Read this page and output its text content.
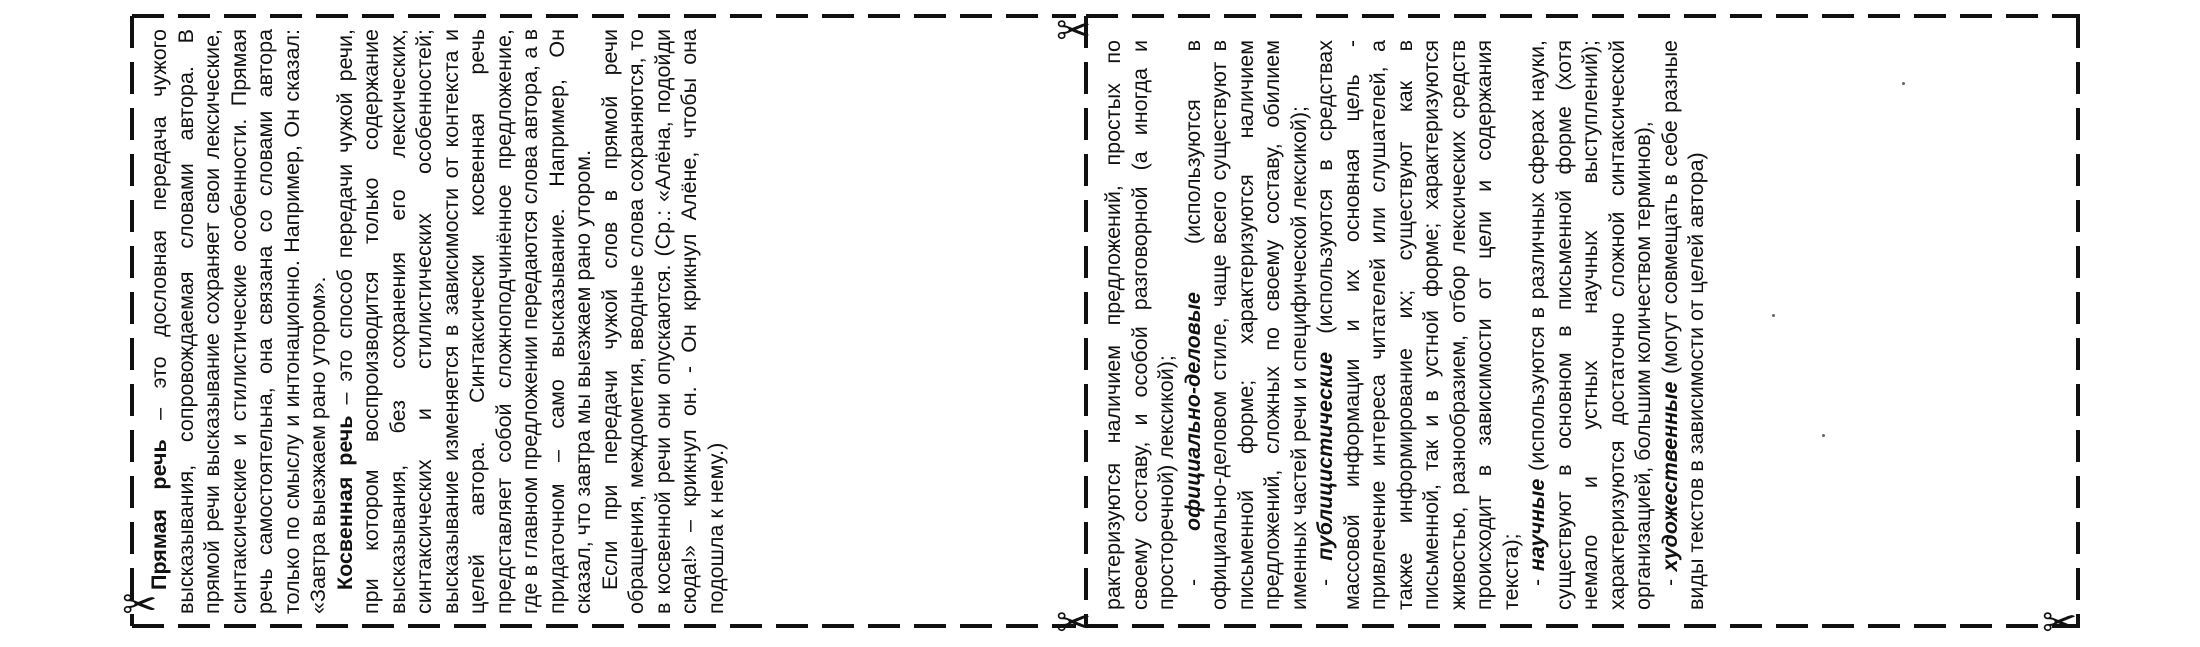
✂

Прямая речь – это дословная передача чужого высказывания, сопровождаемая словами автора. В прямой речи высказывание сохраняет свои лексические, синтаксические и стилистические особенности. Прямая речь самостоятельна, она связана со словами автора только по смыслу и интонационно. Например, Он сказал: «Завтра выезжаем рано утором». Косвенная речь – это способ передачи чужой речи, при котором воспроизводится только содержание высказывания, без сохранения его лексических, синтаксических и стилистических особенностей; высказывание изменяется в зависимости от контекста и целей автора. Синтаксически косвенная речь представляет собой сложноподчинённое предложение, где в главном предложении передаются слова автора, а в придаточном – само высказывание. Например, Он сказал, что завтра мы выезжаем рано утором. Если при передачи чужой слов в прямой речи обращения, междометия, вводные слова сохраняются, то в косвенной речи они опускаются. (Ср.: «Алёна, подойди сюда!» – крикнул он. - Он крикнул Алёне, чтобы она подошла к нему.)

✂
✂	✂

рактеризуются наличием предложений, простых по своему составу, и особой разговорной (а иногда и просторечной) лексикой); - официально-деловые (используются в официально-деловом стиле, чаще всего существуют в письменной форме; характеризуются наличием предложений, сложных по своему составу, обилием именных частей речи и специфической лексикой); - публицистические (используются в средствах массовой информации и их основная цель - привлечение интереса читателей или слушателей, а также информирование их; существуют как в письменной, так и в устной форме; характеризуются живостью, разнообразием, отбор лексических средств происходит в зависимости от цели и содержания текста); - научные (используются в различных сферах науки, существуют в основном в письменной форме (хотя немало и устных научных выступлений); характеризуются достаточно сложной синтаксической организацией, большим количеством терминов), - художественные (могут совмещать в себе разные виды текстов в зависимости от целей автора)
